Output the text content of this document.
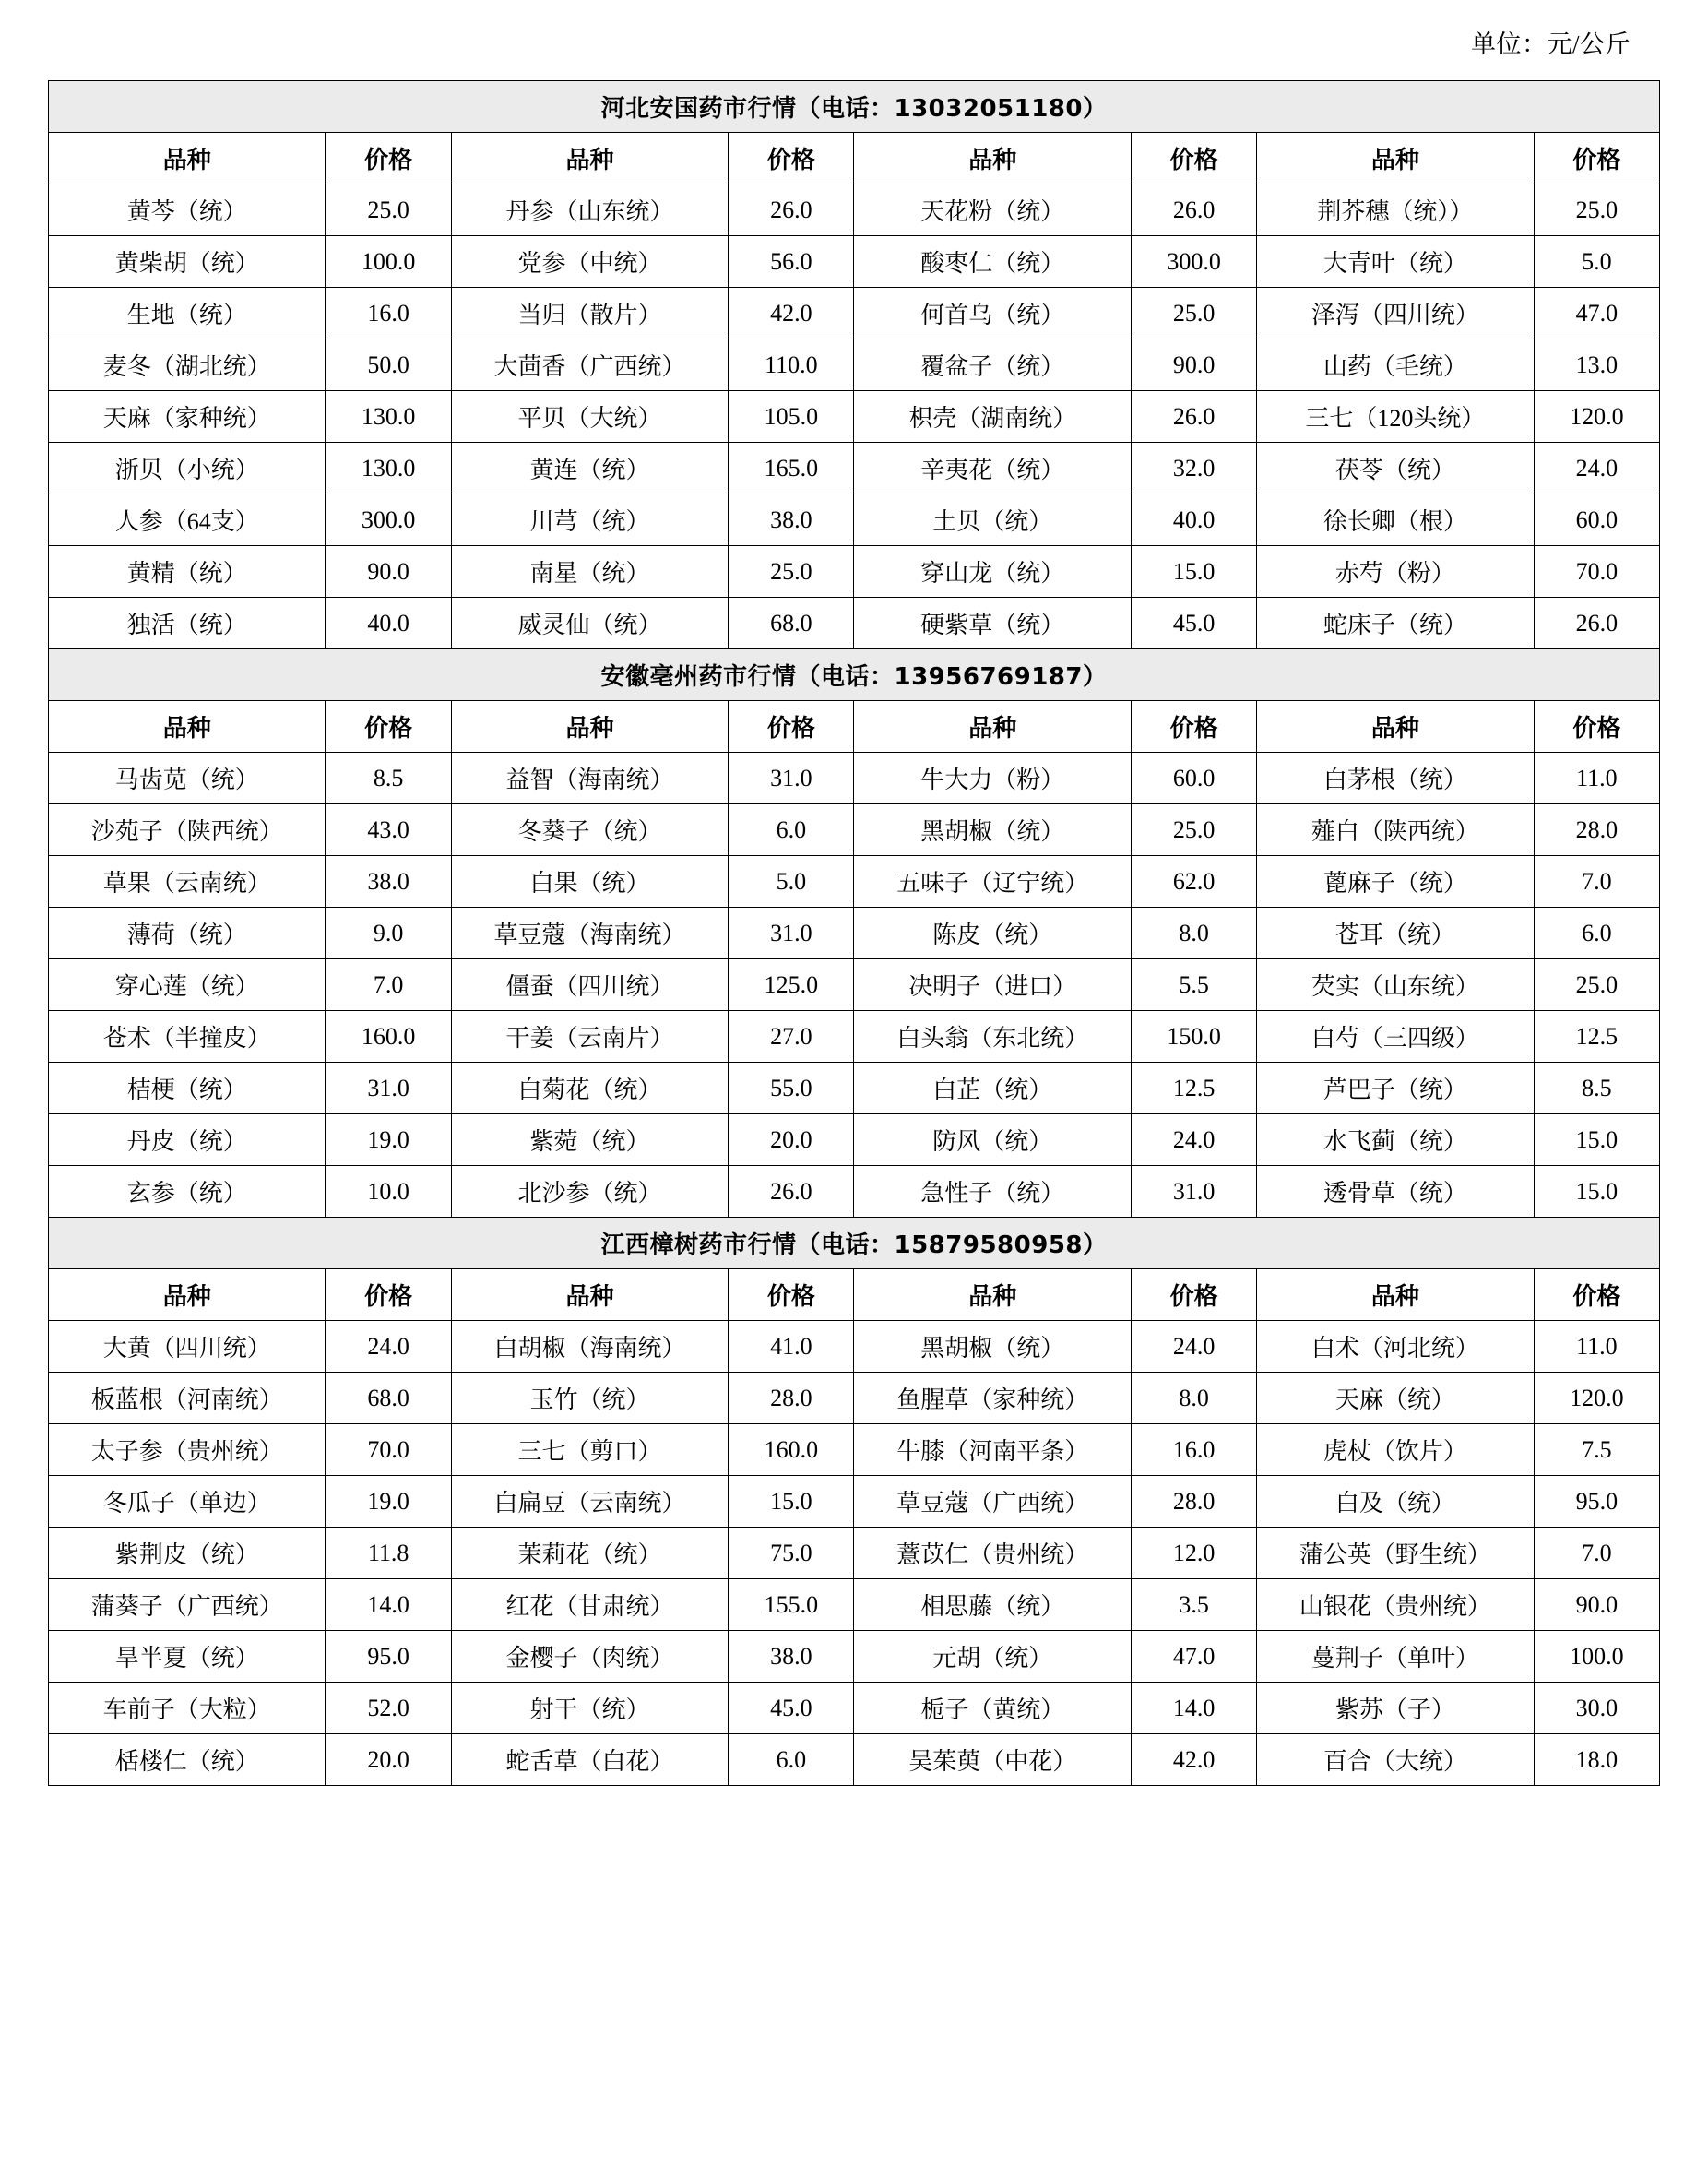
单位：元/公斤
河北安国药市行情（电话：13032051180）							
品种	价格	品种	价格	品种	价格	品种	价格
黄芩（统）	25.0	丹参（山东统）	26.0	天花粉（统）	26.0	荆芥穗（统））	25.0
黄柴胡（统）	100.0	党参（中统）	56.0	酸枣仁（统）	300.0	大青叶（统）	5.0
生地（统）	16.0	当归（散片）	42.0	何首乌（统）	25.0	泽泻（四川统）	47.0
麦冬（湖北统）	50.0	大茴香（广西统）	110.0	覆盆子（统）	90.0	山药（毛统）	13.0
天麻（家种统）	130.0	平贝（大统）	105.0	枳壳（湖南统）	26.0	三七（120头统）	120.0
浙贝（小统）	130.0	黄连（统）	165.0	辛夷花（统）	32.0	茯苓（统）	24.0
人参（64支）	300.0	川芎（统）	38.0	土贝（统）	40.0	徐长卿（根）	60.0
黄精（统）	90.0	南星（统）	25.0	穿山龙（统）	15.0	赤芍（粉）	70.0
独活（统）	40.0	威灵仙（统）	68.0	硬紫草（统）	45.0	蛇床子（统）	26.0
安徽亳州药市行情（电话：13956769187）							
品种	价格	品种	价格	品种	价格	品种	价格
马齿苋（统）	8.5	益智（海南统）	31.0	牛大力（粉）	60.0	白茅根（统）	11.0
沙苑子（陕西统）	43.0	冬葵子（统）	6.0	黑胡椒（统）	25.0	薤白（陕西统）	28.0
草果（云南统）	38.0	白果（统）	5.0	五味子（辽宁统）	62.0	蓖麻子（统）	7.0
薄荷（统）	9.0	草豆蔻（海南统）	31.0	陈皮（统）	8.0	苍耳（统）	6.0
穿心莲（统）	7.0	僵蚕（四川统）	125.0	决明子（进口）	5.5	芡实（山东统）	25.0
苍术（半撞皮）	160.0	干姜（云南片）	27.0	白头翁（东北统）	150.0	白芍（三四级）	12.5
桔梗（统）	31.0	白菊花（统）	55.0	白芷（统）	12.5	芦巴子（统）	8.5
丹皮（统）	19.0	紫菀（统）	20.0	防风（统）	24.0	水飞蓟（统）	15.0
玄参（统）	10.0	北沙参（统）	26.0	急性子（统）	31.0	透骨草（统）	15.0
江西樟树药市行情（电话：15879580958）							
品种	价格	品种	价格	品种	价格	品种	价格
大黄（四川统）	24.0	白胡椒（海南统）	41.0	黑胡椒（统）	24.0	白术（河北统）	11.0
板蓝根（河南统）	68.0	玉竹（统）	28.0	鱼腥草（家种统）	8.0	天麻（统）	120.0
太子参（贵州统）	70.0	三七（剪口）	160.0	牛膝（河南平条）	16.0	虎杖（饮片）	7.5
冬瓜子（单边）	19.0	白扁豆（云南统）	15.0	草豆蔻（广西统）	28.0	白及（统）	95.0
紫荆皮（统）	11.8	茉莉花（统）	75.0	薏苡仁（贵州统）	12.0	蒲公英（野生统）	7.0
蒲葵子（广西统）	14.0	红花（甘肃统）	155.0	相思藤（统）	3.5	山银花（贵州统）	90.0
旱半夏（统）	95.0	金樱子（肉统）	38.0	元胡（统）	47.0	蔓荆子（单叶）	100.0
车前子（大粒）	52.0	射干（统）	45.0	栀子（黄统）	14.0	紫苏（子）	30.0
栝楼仁（统）	20.0	蛇舌草（白花）	6.0	吴茱萸（中花）	42.0	百合（大统）	18.0
